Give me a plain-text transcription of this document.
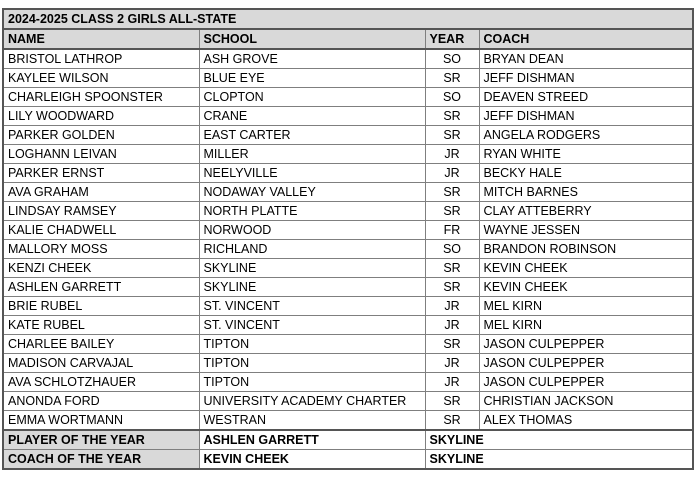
2024-2025 CLASS 2 GIRLS ALL-STATE			
NAME	SCHOOL	YEAR	COACH
BRISTOL LATHROP	ASH GROVE	SO	BRYAN DEAN
KAYLEE WILSON	BLUE EYE	SR	JEFF DISHMAN
CHARLEIGH SPOONSTER	CLOPTON	SO	DEAVEN STREED
LILY WOODWARD	CRANE	SR	JEFF DISHMAN
PARKER GOLDEN	EAST CARTER	SR	ANGELA RODGERS
LOGHANN LEIVAN	MILLER	JR	RYAN WHITE
PARKER ERNST	NEELYVILLE	JR	BECKY HALE
AVA GRAHAM	NODAWAY VALLEY	SR	MITCH BARNES
LINDSAY RAMSEY	NORTH PLATTE	SR	CLAY ATTEBERRY
KALIE CHADWELL	NORWOOD	FR	WAYNE JESSEN
MALLORY MOSS	RICHLAND	SO	BRANDON ROBINSON
KENZI CHEEK	SKYLINE	SR	KEVIN CHEEK
ASHLEN GARRETT	SKYLINE	SR	KEVIN CHEEK
BRIE RUBEL	ST. VINCENT	JR	MEL KIRN
KATE RUBEL	ST. VINCENT	JR	MEL KIRN
CHARLEE BAILEY	TIPTON	SR	JASON CULPEPPER
MADISON CARVAJAL	TIPTON	JR	JASON CULPEPPER
AVA SCHLOTZHAUER	TIPTON	JR	JASON CULPEPPER
ANONDA FORD	UNIVERSITY ACADEMY CHARTER	SR	CHRISTIAN JACKSON
EMMA WORTMANN	WESTRAN	SR	ALEX THOMAS
PLAYER OF THE YEAR	ASHLEN GARRETT	SKYLINE	
COACH OF THE YEAR	KEVIN CHEEK	SKYLINE	
